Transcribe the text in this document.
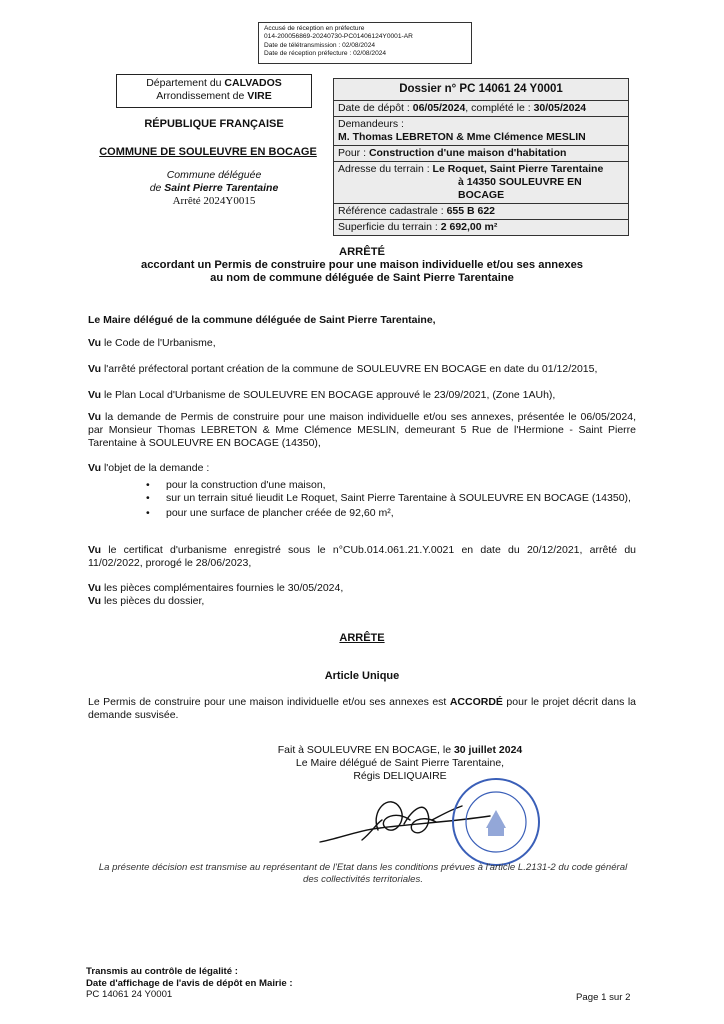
Accusé de réception en préfecture
014-200056869-20240730-PC01406124Y0001-AR
Date de télétransmission : 02/08/2024
Date de réception préfecture : 02/08/2024
Département du CALVADOS
Arrondissement de VIRE
RÉPUBLIQUE FRANÇAISE
COMMUNE DE SOULEUVRE EN BOCAGE
Commune déléguée
de Saint Pierre Tarentaine
Arrêté 2024Y0015
Dossier n° PC 14061 24 Y0001
Date de dépôt : 06/05/2024, complété le : 30/05/2024

Demandeurs :
M. Thomas LEBRETON & Mme Clémence MESLIN
Pour : Construction d'une maison d'habitation

Adresse du terrain : Le Roquet, Saint Pierre Tarentaine
à 14350 SOULEUVRE EN BOCAGE

Référence cadastrale : 655 B 622
Superficie du terrain : 2 692,00 m²
ARRÊTÉ
accordant un Permis de construire pour une maison individuelle et/ou ses annexes
au nom de commune déléguée de Saint Pierre Tarentaine
Le Maire délégué de la commune déléguée de Saint Pierre Tarentaine,
Vu le Code de l'Urbanisme,
Vu l'arrêté préfectoral portant création de la commune de SOULEUVRE EN BOCAGE en date du 01/12/2015,
Vu le Plan Local d'Urbanisme de SOULEUVRE EN BOCAGE approuvé le 23/09/2021, (Zone 1AUh),
Vu la demande de Permis de construire pour une maison individuelle et/ou ses annexes, présentée le 06/05/2024, par Monsieur Thomas LEBRETON & Mme Clémence MESLIN, demeurant 5 Rue de l'Hermione - Saint Pierre Tarentaine à SOULEUVRE EN BOCAGE (14350),
Vu l'objet de la demande :
• pour la construction d'une maison,
• sur un terrain situé lieudit Le Roquet, Saint Pierre Tarentaine à SOULEUVRE EN BOCAGE (14350),
• pour une surface de plancher créée de 92,60 m²,
Vu le certificat d'urbanisme enregistré sous le n°CUb.014.061.21.Y.0021 en date du 20/12/2021, arrêté du 11/02/2022, prorogé le 28/06/2023,
Vu les pièces complémentaires fournies le 30/05/2024,
Vu les pièces du dossier,
ARRÊTE
Article Unique
Le Permis de construire pour une maison individuelle et/ou ses annexes est ACCORDÉ pour le projet décrit dans la demande susvisée.
Fait à SOULEUVRE EN BOCAGE, le 30 juillet 2024
Le Maire délégué de Saint Pierre Tarentaine,
Régis DELIQUAIRE
La présente décision est transmise au représentant de l'Etat dans les conditions prévues à l'article L.2131-2 du code général des collectivités territoriales.
Transmis au contrôle de légalité :
Date d'affichage de l'avis de dépôt en Mairie :
PC 14061 24 Y0001	Page 1 sur 2
